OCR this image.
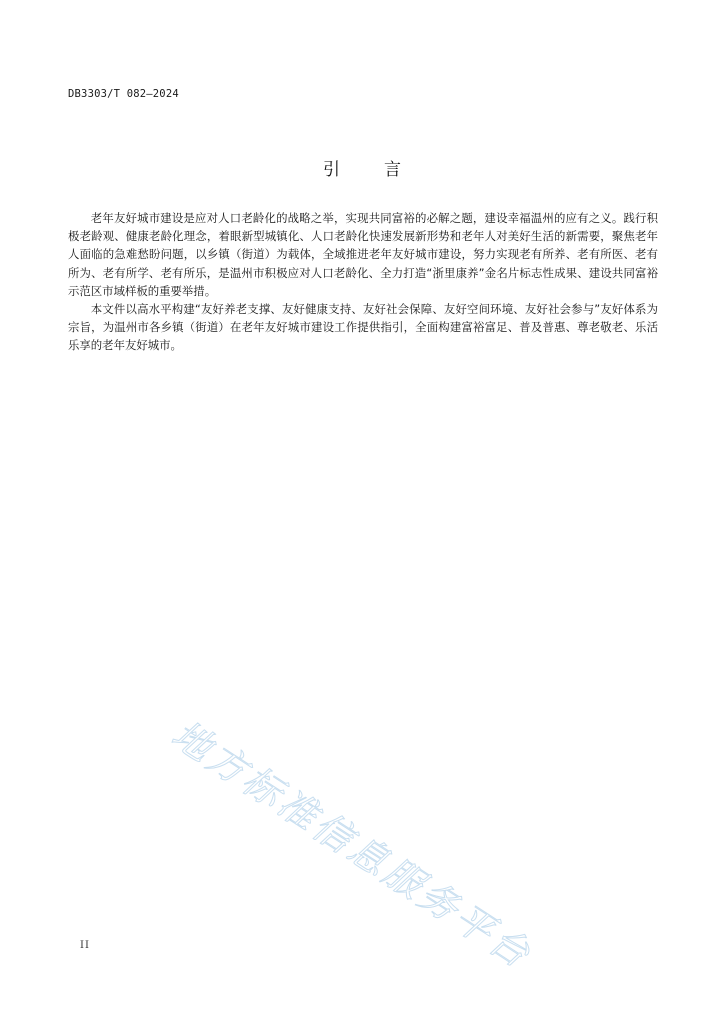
DB3303/T 082—2024
引	言

老年友好城市建设是应对人口老龄化的战略之举，实现共同富裕的必解之题，建设幸福温州的应有之义。践行积极老龄观、健康老龄化理念，着眼新型城镇化、人口老龄化快速发展新形势和老年人对美好生活的新需要，聚焦老年人面临的急难愁盼问题，以乡镇（街道）为载体，全域推进老年友好城市建设，努力实现老有所养、老有所医、老有所为、老有所学、老有所乐，是温州市积极应对人口老龄化、全力打造“浙里康养”金名片标志性成果、建设共同富裕示范区市域样板的重要举措。

本文件以高水平构建“友好养老支撑、友好健康支持、友好社会保障、友好空间环境、友好社会参与”友好体系为宗旨，为温州市各乡镇（街道）在老年友好城市建设工作提供指引，全面构建富裕富足、普及普惠、尊老敬老、乐活乐享的老年友好城市。

地方标准信息服务平台
II
